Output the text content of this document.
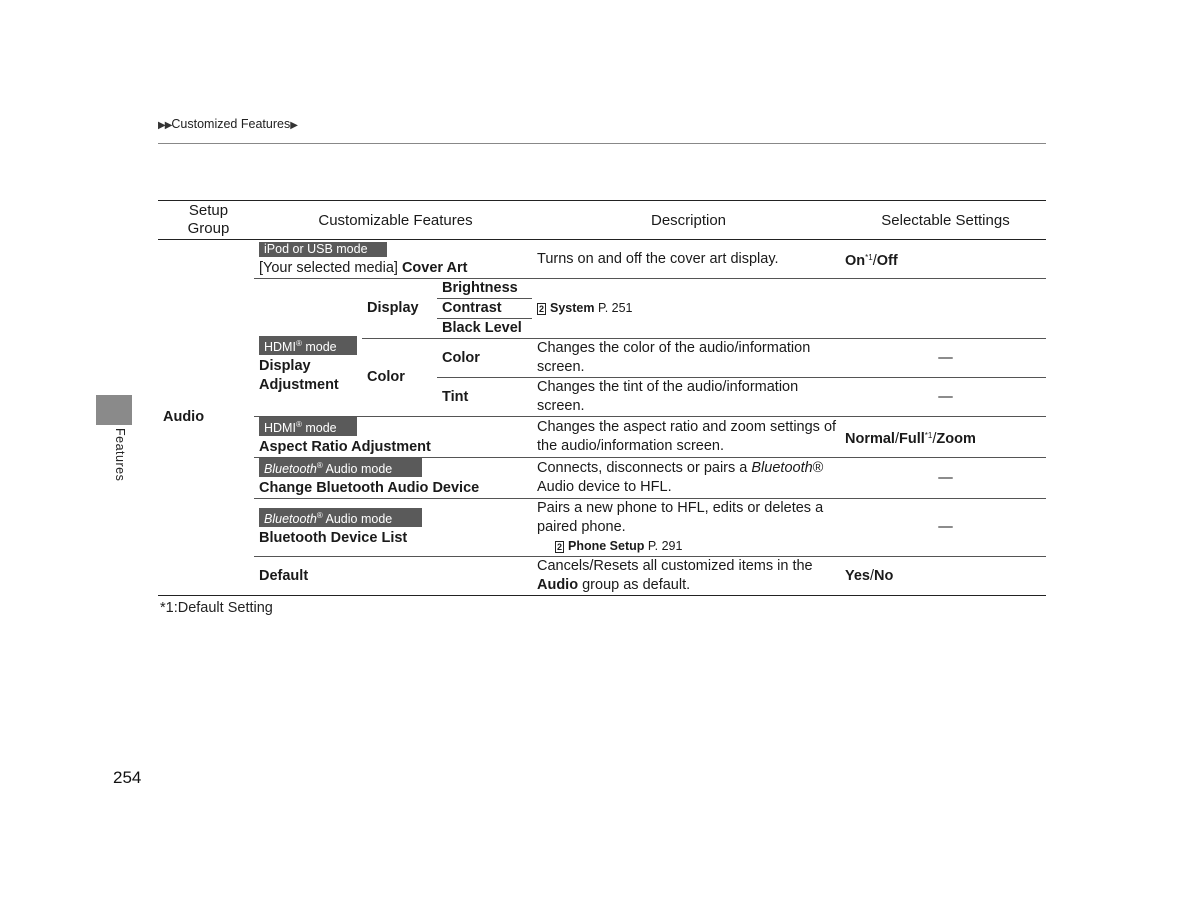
▶▶Customized Features▶
Features
Setup
Group	Customizable Features			Description	Selectable Settings
Audio	iPod or USB mode
[Your selected media] Cover Art			Turns on and off the cover art display.	On$^{*1}$/Off

HDMI® mode
Display Adjustment	Display	Brightness	2 System P. 251	
			Contrast		
			Black Level		
		Color	Color	Changes the color of the audio/information screen.	—
			Tint	Changes the tint of the audio/information screen.	—
	HDMI® mode
Aspect Ratio Adjustment			Changes the aspect ratio and zoom settings of the audio/information screen.	Normal/Full$^{*1}$/Zoom
	Bluetooth® Audio mode
Change Bluetooth Audio Device			Connects, disconnects or pairs a Bluetooth® Audio device to HFL.	—
	Bluetooth® Audio mode
Bluetooth Device List			Pairs a new phone to HFL, edits or deletes a paired phone.
2 Phone Setup P. 291	—
	Default			Cancels/Resets all customized items in the Audio group as default.	Yes/No
*1:Default Setting
254
